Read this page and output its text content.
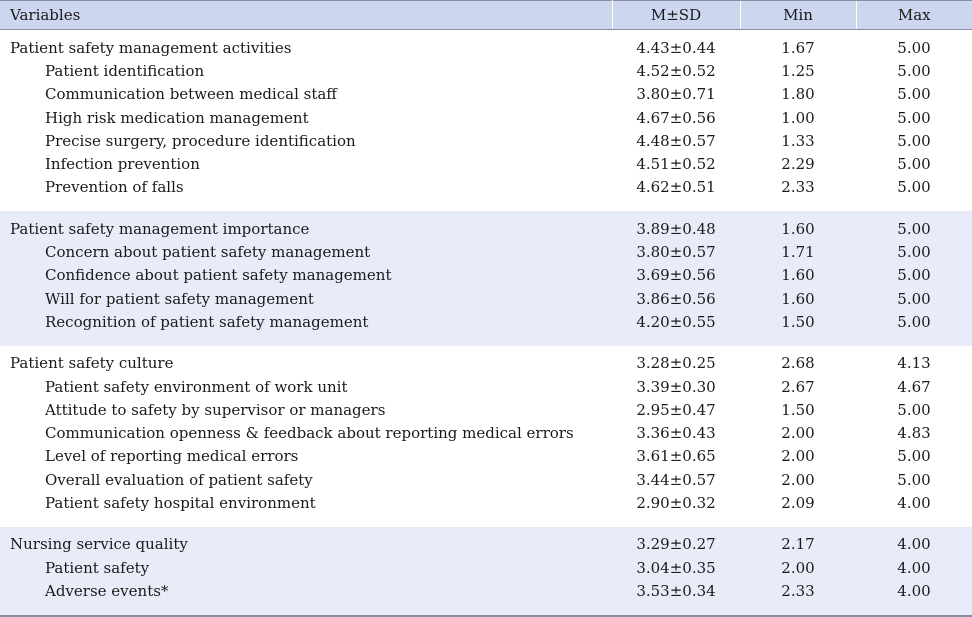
Variables	M±SD	Min	Max
Patient safety management activities	4.43±0.44	1.67	5.00
Patient identification	4.52±0.52	1.25	5.00
Communication between medical staff	3.80±0.71	1.80	5.00
High risk medication management	4.67±0.56	1.00	5.00
Precise surgery, procedure identification	4.48±0.57	1.33	5.00
Infection prevention	4.51±0.52	2.29	5.00
Prevention of falls	4.62±0.51	2.33	5.00

Patient safety management importance	3.89±0.48	1.60	5.00
Concern about patient safety management	3.80±0.57	1.71	5.00
Confidence about patient safety management	3.69±0.56	1.60	5.00
Will for patient safety management	3.86±0.56	1.60	5.00
Recognition of patient safety management	4.20±0.55	1.50	5.00

Patient safety culture	3.28±0.25	2.68	4.13
Patient safety environment of work unit	3.39±0.30	2.67	4.67
Attitude to safety by supervisor or managers	2.95±0.47	1.50	5.00
Communication openness & feedback about reporting medical errors	3.36±0.43	2.00	4.83
Level of reporting medical errors	3.61±0.65	2.00	5.00
Overall evaluation of patient safety	3.44±0.57	2.00	5.00
Patient safety hospital environment	2.90±0.32	2.09	4.00

Nursing service quality	3.29±0.27	2.17	4.00
Patient safety	3.04±0.35	2.00	4.00
Adverse events*	3.53±0.34	2.33	4.00
